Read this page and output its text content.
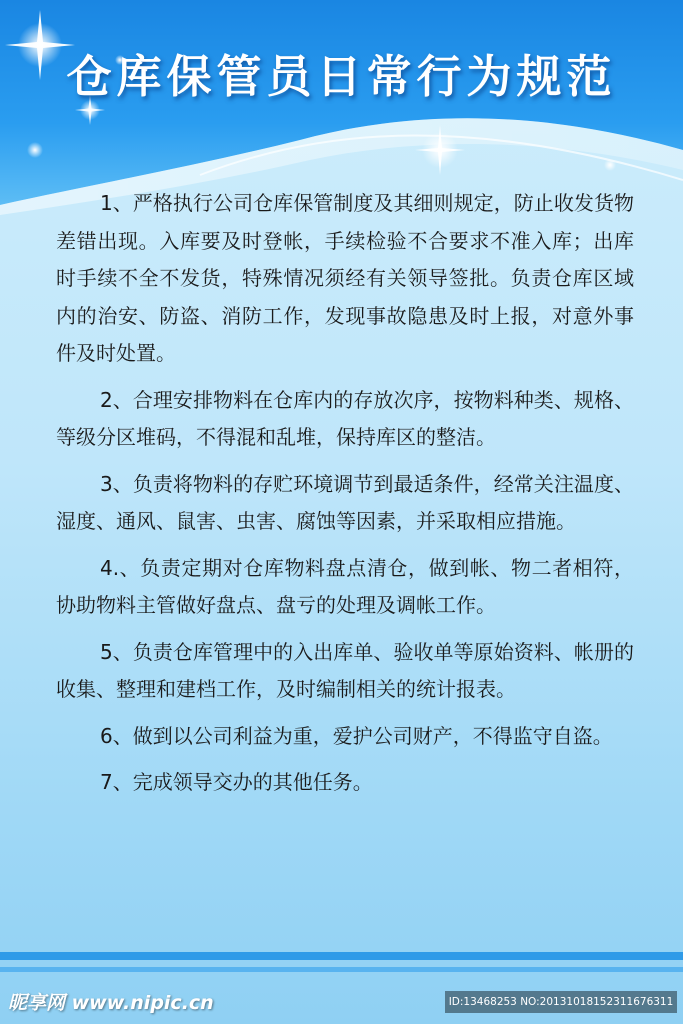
仓库保管员日常行为规范

1、严格执行公司仓库保管制度及其细则规定，防止收发货物差错出现。入库要及时登帐，手续检验不合要求不准入库；出库时手续不全不发货，特殊情况须经有关领导签批。负责仓库区域内的治安、防盗、消防工作，发现事故隐患及时上报，对意外事件及时处置。

2、合理安排物料在仓库内的存放次序，按物料种类、规格、等级分区堆码，不得混和乱堆，保持库区的整洁。

3、负责将物料的存贮环境调节到最适条件，经常关注温度、湿度、通风、鼠害、虫害、腐蚀等因素，并采取相应措施。

4.、负责定期对仓库物料盘点清仓，做到帐、物二者相符，协助物料主管做好盘点、盘亏的处理及调帐工作。

5、负责仓库管理中的入出库单、验收单等原始资料、帐册的收集、整理和建档工作，及时编制相关的统计报表。

6、做到以公司利益为重，爱护公司财产，不得监守自盗。

7、完成领导交办的其他任务。

昵享网 www.nipic.cn	ID:13468253 NO:20131018152311676311
